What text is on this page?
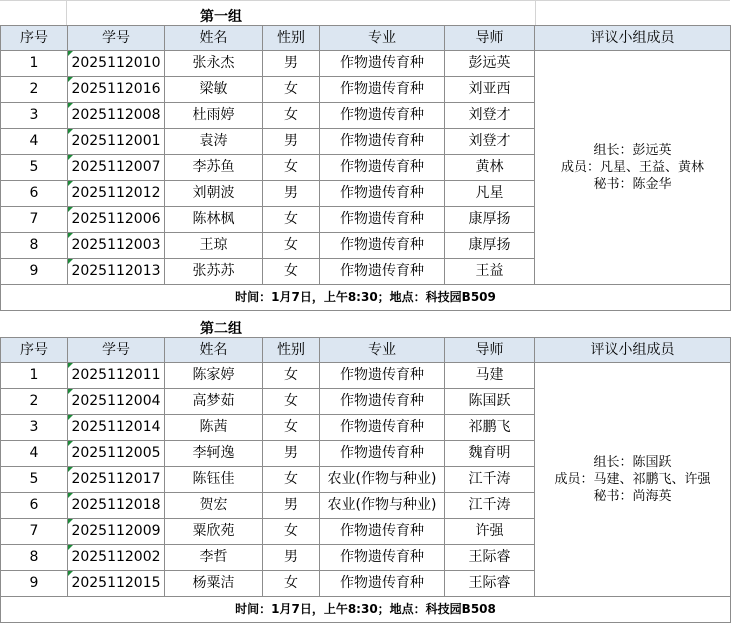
第一组
序号	学号	姓名	性别	专业	导师	评议小组成员
1	2025112010	张永杰	男	作物遗传育种	彭远英	组长：彭远英
成员：凡星、王益、黄林
秘书：陈金华

2	2025112016	梁敏	女	作物遗传育种	刘亚西	
3	2025112008	杜雨婷	女	作物遗传育种	刘登才	
4	2025112001	袁涛	男	作物遗传育种	刘登才	
5	2025112007	李苏鱼	女	作物遗传育种	黄林	
6	2025112012	刘朝波	男	作物遗传育种	凡星	
7	2025112006	陈林枫	女	作物遗传育种	康厚扬	
8	2025112003	王琼	女	作物遗传育种	康厚扬	
9	2025112013	张苏苏	女	作物遗传育种	王益	
时间：1月7日，上午8:30；地点：科技园B509						
第二组
序号	学号	姓名	性别	专业	导师	评议小组成员
1	2025112011	陈家婷	女	作物遗传育种	马建	组长：陈国跃
成员：马建、祁鹏飞、许强
秘书：尚海英

2	2025112004	高梦茹	女	作物遗传育种	陈国跃	
3	2025112014	陈茜	女	作物遗传育种	祁鹏飞	
4	2025112005	李轲逸	男	作物遗传育种	魏育明	
5	2025112017	陈钰佳	女	农业(作物与种业)	江千涛	
6	2025112018	贺宏	男	农业(作物与种业)	江千涛	
7	2025112009	粟欣苑	女	作物遗传育种	许强	
8	2025112002	李哲	男	作物遗传育种	王际睿	
9	2025112015	杨粟洁	女	作物遗传育种	王际睿	
时间：1月7日，上午8:30；地点：科技园B508						
